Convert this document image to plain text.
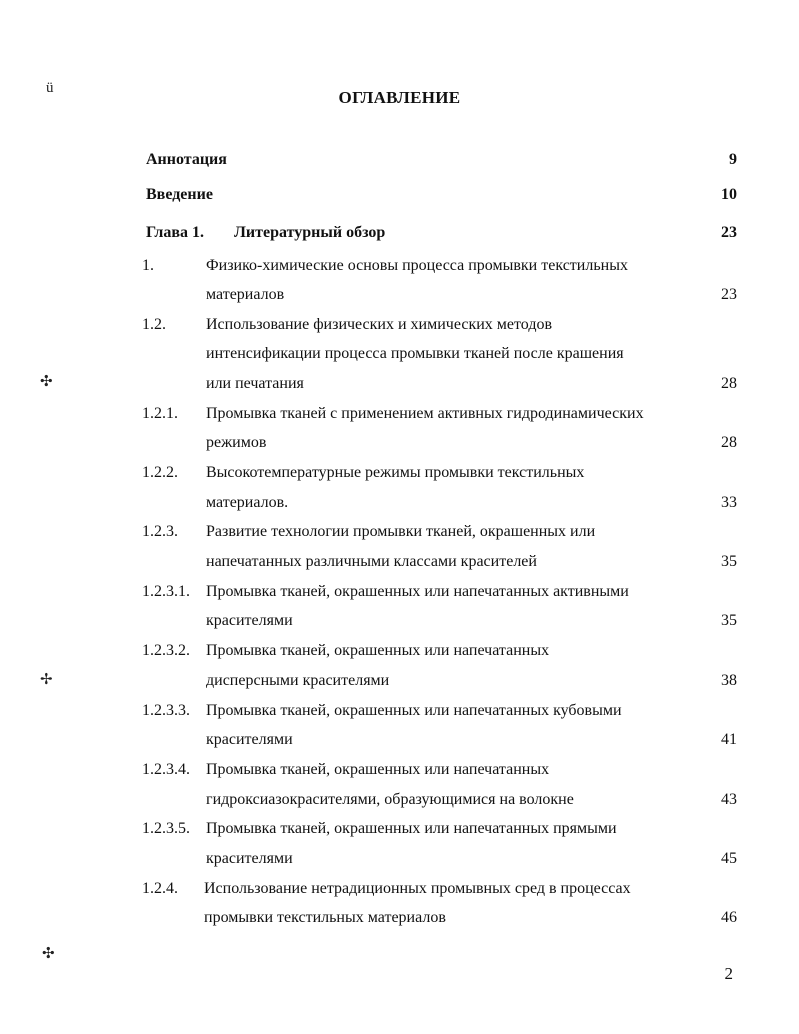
ü
✣
✢
✣
ОГЛАВЛЕНИЕ
Аннотация	9
Введение	10
Глава 1. Литературный обзор	23
1.	Физико-химические основы процесса промывки текстильных
материалов	23
1.2.	Использование физических и химических методов
интенсификации процесса промывки тканей после крашения
или печатания	28
1.2.1. Промывка тканей с применением активных гидродинамических
режимов	28
1.2.2. Высокотемпературные режимы промывки текстильных
материалов.	33
1.2.3. Развитие технологии промывки тканей, окрашенных или
напечатанных различными классами красителей	35
1.2.3.1. Промывка тканей, окрашенных или напечатанных активными
красителями	35
1.2.3.2. Промывка тканей, окрашенных или напечатанных
дисперсными красителями	38
1.2.3.3. Промывка тканей, окрашенных или напечатанных кубовыми
красителями	41
1.2.3.4. Промывка тканей, окрашенных или напечатанных
гидроксиазокрасителями, образующимися на волокне	43
1.2.3.5. Промывка тканей, окрашенных или напечатанных прямыми
красителями	45
1.2.4. Использование нетрадиционных промывных сред в процессах
промывки текстильных материалов	46
2
